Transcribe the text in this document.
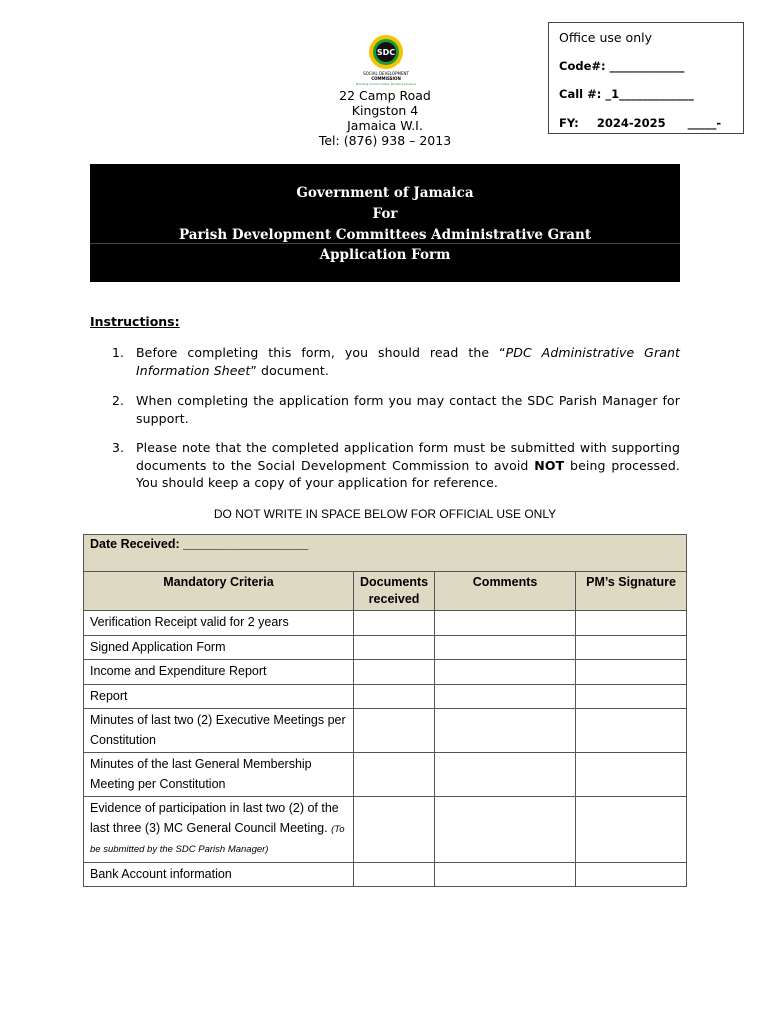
SDC
SOCIAL DEVELOPMENT
COMMISSION
Building Communities, Building Jamaica
22 Camp Road
Kingston 4
Jamaica W.I.
Tel: (876) 938 – 2013
Office use only
Code#: _____________
Call #: _1_____________
FY: 2024-2025 _____-
Government of Jamaica
For
Parish Development Committees Administrative Grant
Application Form
Instructions:
1. Before completing this form, you should read the “PDC Administrative Grant Information Sheet” document.
2. When completing the application form you may contact the SDC Parish Manager for support.
3. Please note that the completed application form must be submitted with supporting documents to the Social Development Commission to avoid NOT being processed. You should keep a copy of your application for reference.
DO NOT WRITE IN SPACE BELOW FOR OFFICIAL USE ONLY
Date Received: __________________			
Mandatory Criteria	Documents received	Comments	PM’s Signature
Verification Receipt valid for 2 years			
Signed Application Form			
Income and Expenditure Report			
Report			
Minutes of last two (2) Executive Meetings per Constitution			
Minutes of the last General Membership Meeting per Constitution			
Evidence of participation in last two (2) of the last three (3) MC General Council Meeting. (To be submitted by the SDC Parish Manager)			
Bank Account information			
